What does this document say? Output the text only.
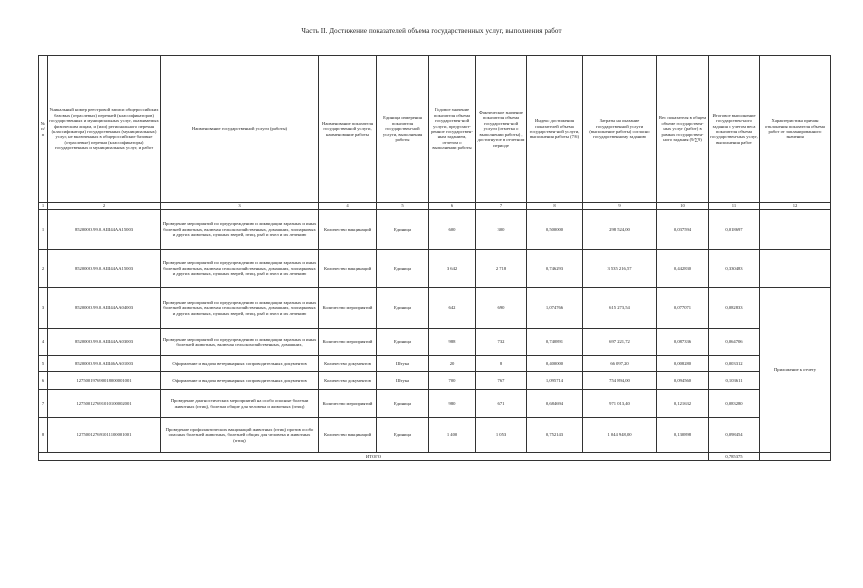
Часть II. Достижение показателей объема государственных услуг, выполнения работ
№ п/п	Уникальный номер реестровой записи общероссийских базовых (отраслевых) перечней (классификаторов) государственных и муниципальных услуг, оказываемых физическим лицам, и (или) регионального перечня (классификатора) государственных (муниципальных) услуг, не включенных в общероссийские базовые (отраслевые) перечни (классификаторы) государственных и муниципальных услуг, и работ	Наименование государственной услуги (работы)	Наименование показателя государственной услуги, наименование работы	Единица измерения показателя государствен-ной услуги, выполнения работы	Годовое значение показателя объема государствен-ной услуги, предусмот-ренное государствен-ным заданием, отчетом о выполнении работы	Фактическое значение показателя объема государствен-ной услуги (отметка о выполнении работы) , достигнутое в отчетном периоде	Индекс достижения показателей объема государствен-ной услуги, выполнения работы (7/6)	Затраты на оказание государственной услуги (выполнение работы) согласно государственному заданию	Вес показателя в общем объеме государствен-ных услуг (работ) в рамках государствен-ного задания (9/∑9)	Итоговое выполнение государствен-ного задания с учетом веса показателя объема государствен-ных услуг, выполнения работ	Характеристика причин отклонения показателя объема работ от запланированного значения	
1	2	3	4	5	6	7	8	9	10	11	12	
1	852000О.99.0.АШ44АА15003	Проведение мероприятий по предупреждению и ликвидации заразных и иных болезней животных, включая сельскохозяйственных, домашних, зоопарковых и других животных, пушных зверей, птиц, рыб и пчел и их лечению	Количество вакцинаций	Единица	600	300	0,500000	298 524,00	0,037594	0,018697		
2	852000О.99.0.АШ44АА15003	Проведение мероприятий по предупреждению и ликвидации заразных и иных болезней животных, включая сельскохозяйственных, домашних, зоопарковых и других животных, пушных зверей, птиц, рыб и пчел и их лечению	Количество вакцинаций	Единица	3 642	2 718	0,746293	3 535 216,57	0,442830	0,330483		
3	852000О.99.0.АШ44АА04003	Проведение мероприятий по предупреждению и ликвидации заразных и иных болезней животных, включая сельскохозяйственных, домашних, зоопарковых и других животных, пушных зверей, птиц, рыб и пчел и их лечению	Количество мероприятий	Единица	642	690	1,074766	615 273,54	0,077071	0,082833	Приложение к отчету	
4	852000О.99.0.АШ44АА03003	Проведение мероприятий по предупреждению и ликвидации заразных и иных болезней животных, включая сельскохозяйственных, домашних,	Количество мероприятий	Единица	988	732	0,740891	697 221,72	0,087336	0,064706		
5	852000О.99.0.АШ46АА01003	Оформление и выдача ветеринарных сопроводительных документов	Количество документов	Штука	20	8	0,400000	66 097,20	0,008280	0,003312		
6	127500197690018000001001	Оформление и выдача ветеринарных сопроводительных документов	Количество документов	Штука	700	767	1,095714	754 894,00	0,094560	0,103611		
7	127500127691010100002001	Проведение диагностических мероприятий на особо опасные болезни животных (птиц), болезни общие для человека и животных (птиц)	Количество мероприятий	Единица	980	671	0,684694	971 013,40	0,121632	0,083280		
8	127500127691011100001001	Проведение профилактических вакцинаций животных (птиц) против особо опасных болезней животных, болезней общих для человека и животных (птиц)	Количество вакцинаций	Единица	1 400	1 053	0,752143	1 044 948,00	0,130898	0,098454		
ИТОГО										0,785375		
